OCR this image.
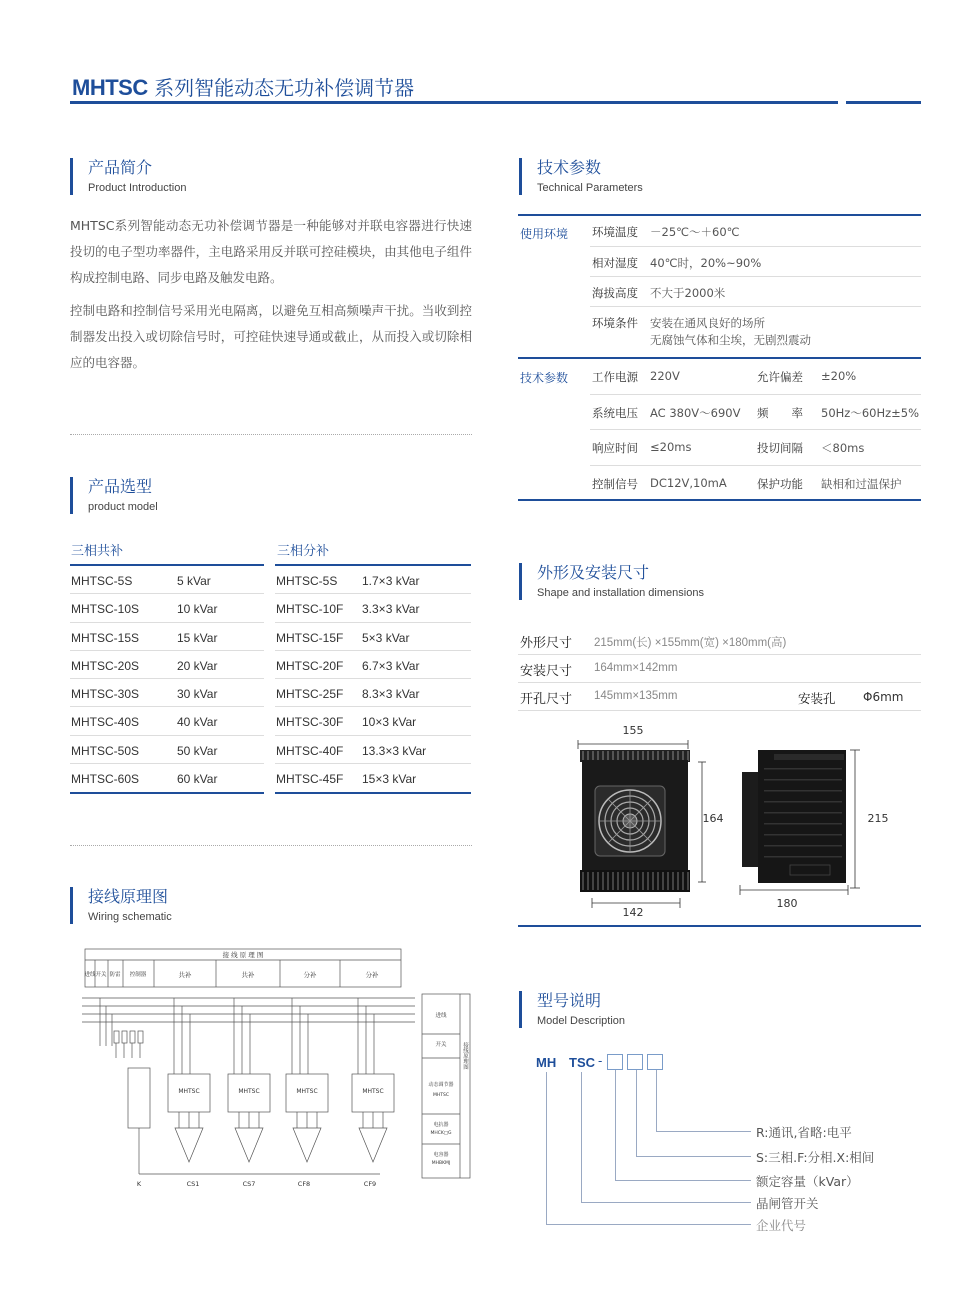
MHTSC 系列智能动态无功补偿调节器
产品简介
Product Introduction

MHTSC系列智能动态无功补偿调节器是一种能够对并联电容器进行快速投切的电子型功率器件，主电路采用反并联可控硅模块，由其他电子组件构成控制电路、同步电路及触发电路。

控制电路和控制信号采用光电隔离，以避免互相高频噪声干扰。当收到控制器发出投入或切除信号时，可控硅快速导通或截止，从而投入或切除相应的电容器。

产品选型
product model
三相共补	三相分补
MHTSC-5S	5 kVar
MHTSC-10S	10 kVar
MHTSC-15S	15 kVar
MHTSC-20S	20 kVar
MHTSC-30S	30 kVar
MHTSC-40S	40 kVar
MHTSC-50S	50 kVar
MHTSC-60S	60 kVar
MHTSC-5S 1.7×3 kVar
MHTSC-10F 3.3×3 kVar
MHTSC-15F 5×3 kVar
MHTSC-20F 6.7×3 kVar
MHTSC-25F 8.3×3 kVar
MHTSC-30F 10×3 kVar
MHTSC-40F 13.3×3 kVar
MHTSC-45F 15×3 kVar
接线原理图
Wiring schematic
MHTSC	MHTSC	MHTSC	MHTSC
接 线 原 理 图
进线 开关 防雷 控制器	共补	共补	分补	分补
K	CS1	CS7	CF8	CF9
进线
开关
动态调节器
MHTSC
电抗器
MHCK□G
电容器
MHBKMJ
接线原理图
技术参数
Technical Parameters
使用环境 环境温度 －25℃～＋60℃
相对湿度 40℃时，20%~90%
海拔高度 不大于2000米
环境条件 安装在通风良好的场所
无腐蚀气体和尘埃，无剧烈震动
技术参数 工作电源 220V	允许偏差 ±20%
系统电压 AC 380V～690V 频　　率 50Hz～60Hz±5%
响应时间 ≤20ms	投切间隔 ＜80ms
控制信号 DC12V,10mA	保护功能 缺相和过温保护
外形及安装尺寸
Shape and installation dimensions
外形尺寸 215mm(长) ×155mm(宽) ×180mm(高)
安装尺寸 164mm×142mm
开孔尺寸 145mm×135mm	安装孔 Φ6mm
155
164
142
215
180
型号说明
Model Description
MH TSC -
R:通讯,省略:电平
S:三相.F:分相.X:相间
额定容量（kVar）
晶闸管开关
企业代号
